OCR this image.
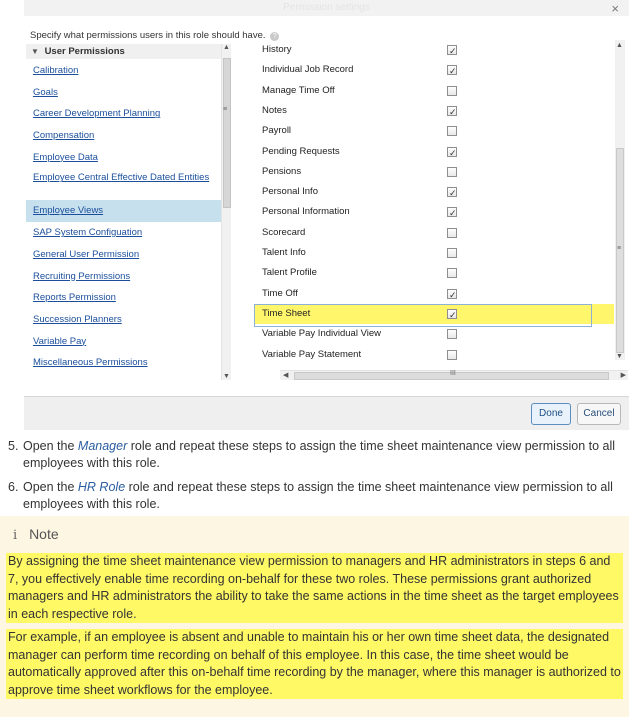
Permission settings	×
Specify what permissions users in this role should have. ?
▼ User Permissions
Calibration
Goals
Career Development Planning
Compensation
Employee Data
Employee Central Effective Dated Entities
Employee Views
SAP System Configuation
General User Permission
Recruiting Permissions
Reports Permission
Succession Planners
Variable Pay
Miscellaneous Permissions
▲
≡
▼
Variable Pay Statement
Variable Pay Individual View
Time Sheet
✓
Time Off
✓
Talent Profile
Talent Info
Scorecard
Personal Information
✓
Personal Info
✓
Pensions
Pending Requests
✓
Payroll
Notes
✓
Manage Time Off
Individual Job Record
✓
History
✓	▲
≡
▼
◀	III	▶
Done	Cancel
5. Open the Manager role and repeat these steps to assign the time sheet maintenance view permission to all employees with this role.
6. Open the HR Role role and repeat these steps to assign the time sheet maintenance view permission to all employees with this role.
i Note

By assigning the time sheet maintenance view permission to managers and HR administrators in steps 6 and 7, you effectively enable time recording on-behalf for these two roles. These permissions grant authorized managers and HR administrators the ability to take the same actions in the time sheet as the target employees in each respective role.

For example, if an employee is absent and unable to maintain his or her own time sheet data, the designated manager can perform time recording on behalf of this employee. In this case, the time sheet would be automatically approved after this on-behalf time recording by the manager, where this manager is authorized to approve time sheet workflows for the employee.
